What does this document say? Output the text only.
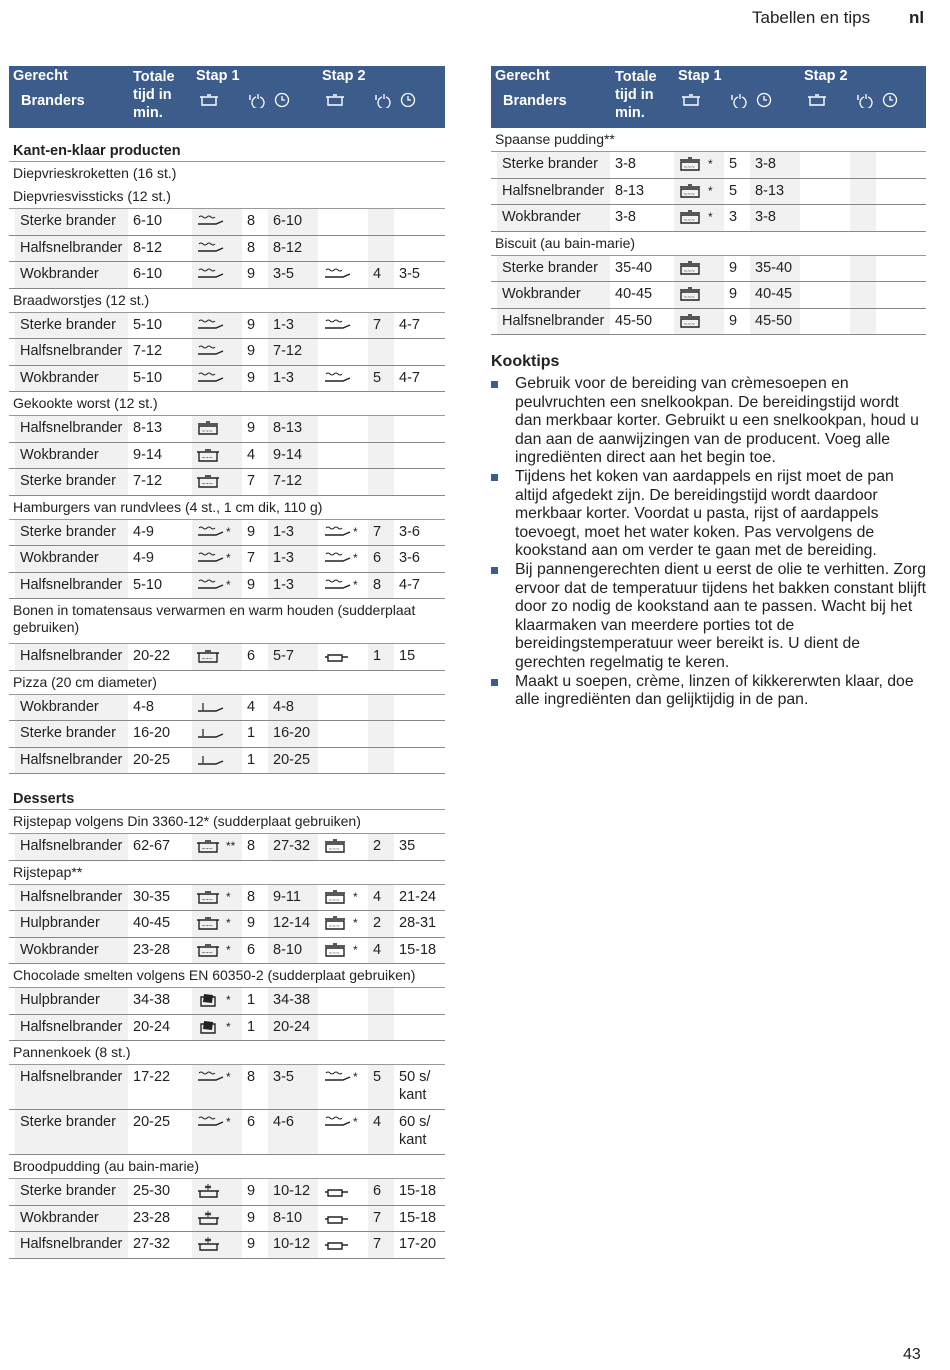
Tabellen en tips nl
Gerecht
Branders
Totale tijd in min.
Stap 1	Stap 2
Kant-en-klaar producten
Diepvrieskroketten (16 st.)
Diepvriesvissticks (12 st.)
Sterke brander	6-10	8	6-10
Halfsnelbrander 8-12	8	8-12
Wokbrander	6-10	9	3-5	4	3-5
Braadworstjes (12 st.)
Sterke brander	5-10	9	1-3	7	4-7
Halfsnelbrander 7-12	9	7-12
Wokbrander	5-10	9	1-3	5	4-7
Gekookte worst (12 st.)
Halfsnelbrander 8-13	9	8-13
Wokbrander	9-14	4	9-14
Sterke brander	7-12	7	7-12
Hamburgers van rundvlees (4 st., 1 cm dik, 110 g)
Sterke brander	4-9	*	9	1-3	*	7	3-6
Wokbrander	4-9	*	7	1-3	*	6	3-6
Halfsnelbrander 5-10	*	9	1-3	*	8	4-7
Bonen in tomatensaus verwarmen en warm houden (sudderplaat gebruiken)
Halfsnelbrander 20-22	6	5-7	1	15
Pizza (20 cm diameter)
Wokbrander	4-8	4	4-8
Sterke brander	16-20	1	16-20
Halfsnelbrander 20-25	1	20-25
Desserts
Rijstepap volgens Din 3360-12* (sudderplaat gebruiken)
Halfsnelbrander 62-67	** 8	27-32	2	35
Rijstepap**
Halfsnelbrander 30-35	*	8	9-11	*	4	21-24
Hulpbrander	40-45	*	9	12-14	*	2	28-31
Wokbrander	23-28	*	6	8-10	*	4	15-18
Chocolade smelten volgens EN 60350-2 (sudderplaat gebruiken)
Hulpbrander	34-38	*	1	34-38
Halfsnelbrander 20-24	*	1	20-24
Pannenkoek (8 st.)
Halfsnelbrander 17-22	*	8	3-5	*	5	50 s/ kant
Sterke brander	20-25	*	6	4-6	*	4	60 s/ kant
Broodpudding (au bain-marie)
Sterke brander	25-30	9	10-12	6	15-18
Wokbrander	23-28	9	8-10	7	15-18
Halfsnelbrander 27-32	9	10-12	7	17-20
Gerecht
Branders
Totale tijd in min.
Stap 1	Stap 2
Spaanse pudding**
Sterke brander	3-8	*	5	3-8
Halfsnelbrander 8-13	*	5	8-13
Wokbrander	3-8	*	3	3-8
Biscuit (au bain-marie)
Sterke brander	35-40	9	35-40
Wokbrander	40-45	9	40-45
Halfsnelbrander 45-50	9	45-50
Kooktips
Gebruik voor de bereiding van crèmesoepen en peulvruchten een snelkookpan. De bereidingstijd wordt dan merkbaar korter. Gebruikt u een snelkookpan, houd u dan aan de aanwijzingen van de producent. Voeg alle ingrediënten direct aan het begin toe.
Tijdens het koken van aardappels en rijst moet de pan altijd afgedekt zijn. De bereidingstijd wordt daardoor merkbaar korter. Voordat u pasta, rijst of aardappels toevoegt, moet het water koken. Pas vervolgens de kookstand aan om verder te gaan met de bereiding.
Bij pannengerechten dient u eerst de olie te verhitten. Zorg ervoor dat de temperatuur tijdens het bakken constant blijft door zo nodig de kookstand aan te passen. Wacht bij het klaarmaken van meerdere porties tot de bereidingstemperatuur weer bereikt is. U dient de gerechten regelmatig te keren.
Maakt u soepen, crème, linzen of kikkererwten klaar, doe alle ingrediënten dan gelijktijdig in de pan.
43
